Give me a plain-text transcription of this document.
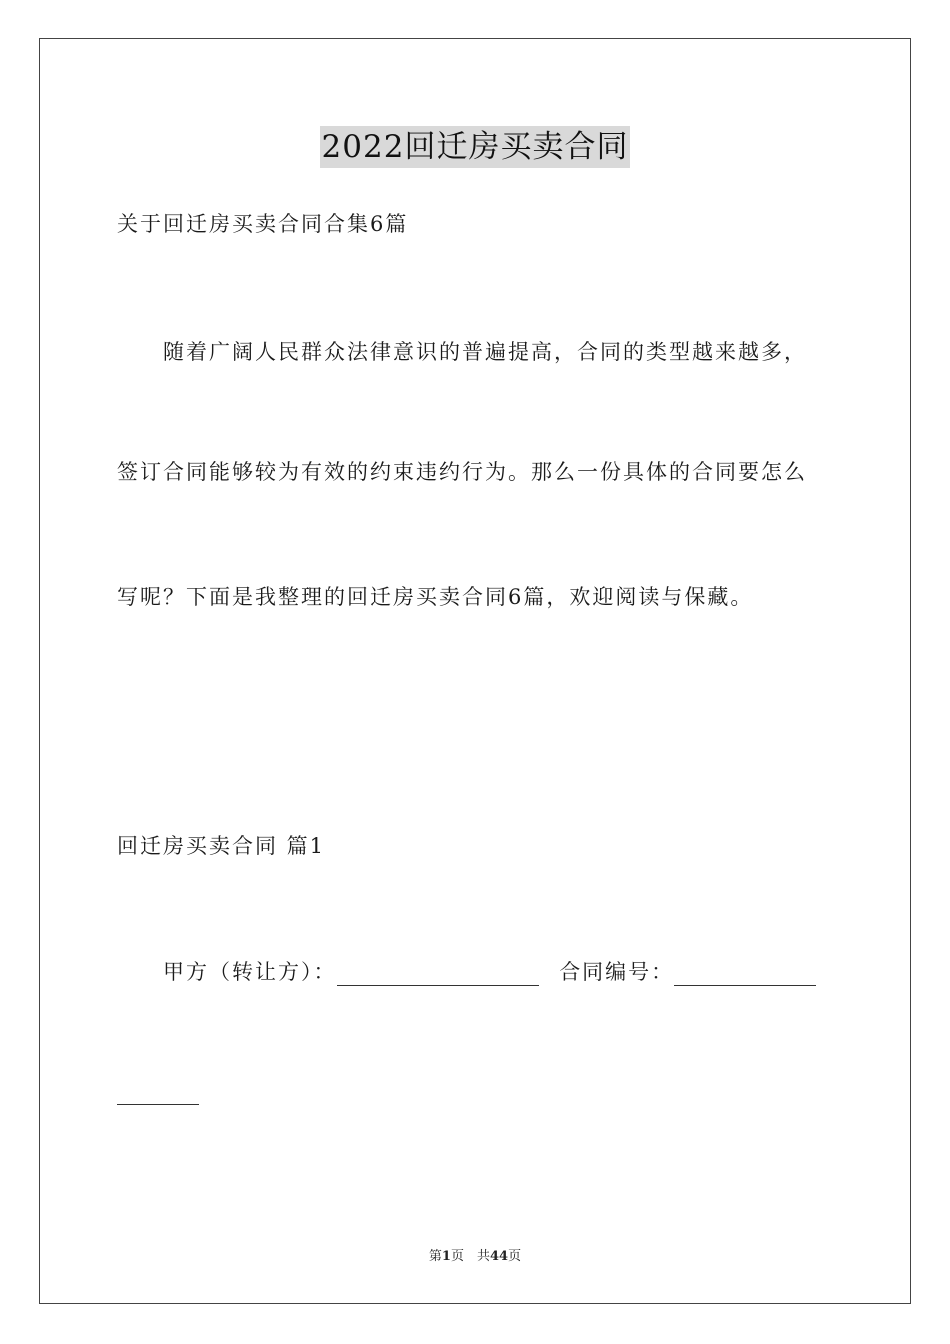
2022回迁房买卖合同
关于回迁房买卖合同合集6篇
随着广阔人民群众法律意识的普遍提高，合同的类型越来越多，
签订合同能够较为有效的约束违约行为。那么一份具体的合同要怎么
写呢？下面是我整理的回迁房买卖合同6篇，欢迎阅读与保藏。
回迁房买卖合同 篇1
甲方（转让方）：	合同编号：
第1页　共44页
